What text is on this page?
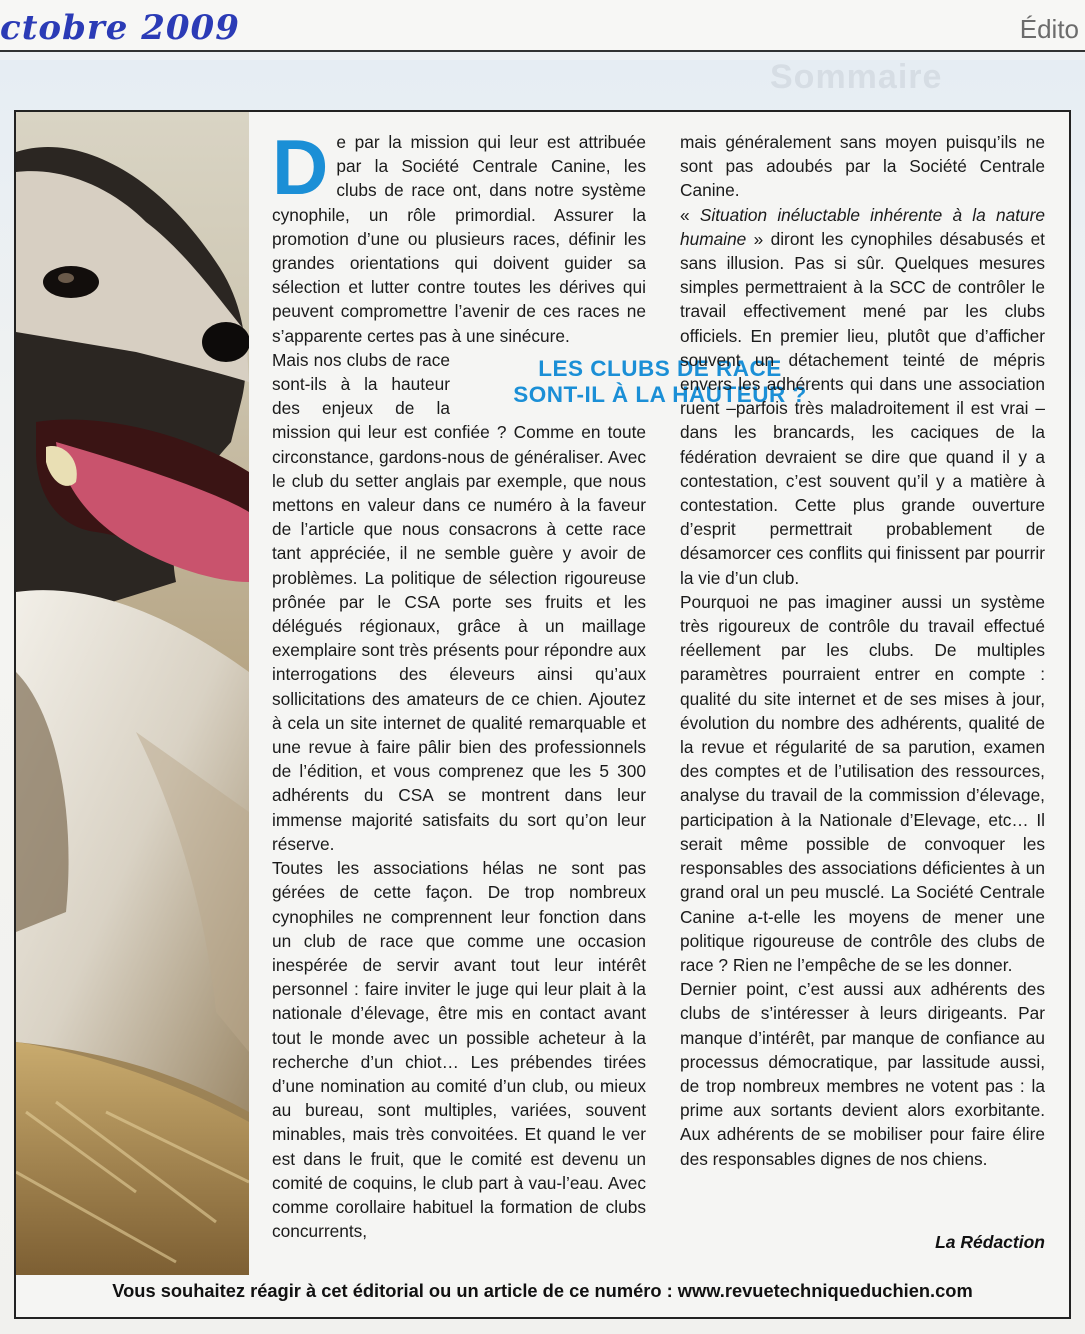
Sommaire
ctobre 2009	Édito
LES CLUBS DE RACE
SONT-IL À LA HAUTEUR ?

De par la mission qui leur est attribuée par la Société Centrale Canine, les clubs de race ont, dans notre système cynophile, un rôle primordial. Assurer la promotion d’une ou plusieurs races, définir les grandes orientations qui doivent guider sa sélection et lutter contre toutes les dérives qui peuvent compromettre l’avenir de ces races ne s’apparente certes pas à une sinécure.

Mais nos clubs de race sont-ils à la hauteur des enjeux de la mission qui leur est confiée ? Comme en toute circonstance, gardons-nous de généraliser. Avec le club du setter anglais par exemple, que nous mettons en valeur dans ce numéro à la faveur de l’article que nous consacrons à cette race tant appréciée, il ne semble guère y avoir de problèmes. La politique de sélection rigoureuse prônée par le CSA porte ses fruits et les délégués régionaux, grâce à un maillage exemplaire sont très présents pour répondre aux interrogations des éleveurs ainsi qu’aux sollicitations des amateurs de ce chien. Ajoutez à cela un site internet de qualité remarquable et une revue à faire pâlir bien des professionnels de l’édition, et vous comprenez que les 5 300 adhérents du CSA se montrent dans leur immense majorité satisfaits du sort qu’on leur réserve.

Toutes les associations hélas ne sont pas gérées de cette façon. De trop nombreux cynophiles ne comprennent leur fonction dans un club de race que comme une occasion inespérée de servir avant tout leur intérêt personnel : faire inviter le juge qui leur plait à la nationale d’élevage, être mis en contact avant tout le monde avec un possible acheteur à la recherche d’un chiot… Les prébendes tirées d’une nomination au comité d’un club, ou mieux au bureau, sont multiples, variées, souvent minables, mais très convoitées. Et quand le ver est dans le fruit, que le comité est devenu un comité de coquins, le club part à vau-l’eau. Avec comme corollaire habituel la formation de clubs concurrents,

mais généralement sans moyen puisqu’ils ne sont pas adoubés par la Société Centrale Canine.

« Situation inéluctable inhérente à la nature humaine » diront les cynophiles désabusés et sans illusion. Pas si sûr. Quelques mesures simples permettraient à la SCC de contrôler le travail effectivement mené par les clubs officiels. En premier lieu, plutôt que d’afficher souvent un détachement teinté de mépris envers les adhérents qui dans une association ruent –parfois très maladroitement il est vrai – dans les brancards, les caciques de la fédération devraient se dire que quand il y a contestation, c’est souvent qu’il y a matière à contestation. Cette plus grande ouverture d’esprit permettrait probablement de désamorcer ces conflits qui finissent par pourrir la vie d’un club.

Pourquoi ne pas imaginer aussi un système très rigoureux de contrôle du travail effectué réellement par les clubs. De multiples paramètres pourraient entrer en compte : qualité du site internet et de ses mises à jour, évolution du nombre des adhérents, qualité de la revue et régularité de sa parution, examen des comptes et de l’utilisation des ressources, analyse du travail de la commission d’élevage, participation à la Nationale d’Elevage, etc… Il serait même possible de convoquer les responsables des associations déficientes à un grand oral un peu musclé. La Société Centrale Canine a-t-elle les moyens de mener une politique rigoureuse de contrôle des clubs de race ? Rien ne l’empêche de se les donner.

Dernier point, c’est aussi aux adhérents des clubs de s’intéresser à leurs dirigeants. Par manque d’intérêt, par manque de confiance au processus démocratique, par lassitude aussi, de trop nombreux membres ne votent pas : la prime aux sortants devient alors exorbitante. Aux adhérents de se mobiliser pour faire élire des responsables dignes de nos chiens.

La Rédaction
Vous souhaitez réagir à cet éditorial ou un article de ce numéro : www.revuetechniqueduchien.com
